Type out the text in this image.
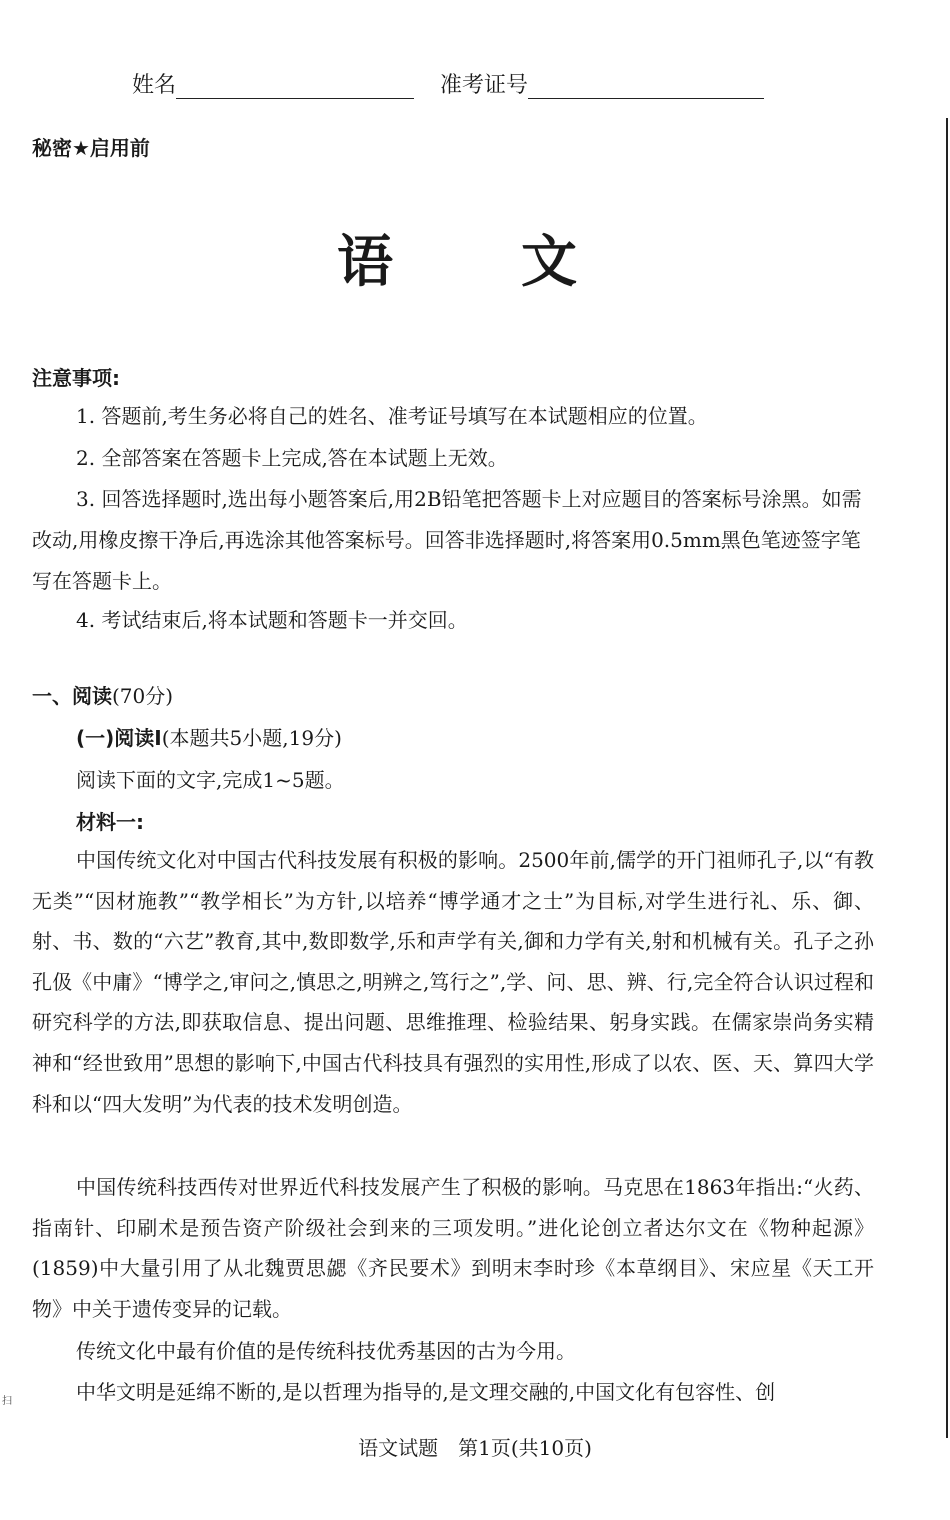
姓名	准考证号
秘密★启用前
语　文
注意事项:

1. 答题前,考生务必将自己的姓名、准考证号填写在本试题相应的位置。

2. 全部答案在答题卡上完成,答在本试题上无效。

3. 回答选择题时,选出每小题答案后,用2B铅笔把答题卡上对应题目的答案标号涂黑。如需改动,用橡皮擦干净后,再选涂其他答案标号。回答非选择题时,将答案用0.5mm黑色笔迹签字笔写在答题卡上。

4. 考试结束后,将本试题和答题卡一并交回。

一、阅读(70分)
(一)阅读Ⅰ(本题共5小题,19分)
阅读下面的文字,完成1~5题。
材料一:

中国传统文化对中国古代科技发展有积极的影响。2500年前,儒学的开门祖师孔子,以“有教无类”“因材施教”“教学相长”为方针,以培养“博学通才之士”为目标,对学生进行礼、乐、御、射、书、数的“六艺”教育,其中,数即数学,乐和声学有关,御和力学有关,射和机械有关。孔子之孙孔伋《中庸》“博学之,审问之,慎思之,明辨之,笃行之”,学、问、思、辨、行,完全符合认识过程和研究科学的方法,即获取信息、提出问题、思维推理、检验结果、躬身实践。在儒家崇尚务实精神和“经世致用”思想的影响下,中国古代科技具有强烈的实用性,形成了以农、医、天、算四大学科和以“四大发明”为代表的技术发明创造。

中国传统科技西传对世界近代科技发展产生了积极的影响。马克思在1863年指出:“火药、指南针、印刷术是预告资产阶级社会到来的三项发明。”进化论创立者达尔文在《物种起源》(1859)中大量引用了从北魏贾思勰《齐民要术》到明末李时珍《本草纲目》、宋应星《天工开物》中关于遗传变异的记载。

传统文化中最有价值的是传统科技优秀基因的古为今用。

中华文明是延绵不断的,是以哲理为指导的,是文理交融的,中国文化有包容性、创

扫
语文试题　第1页(共10页)
